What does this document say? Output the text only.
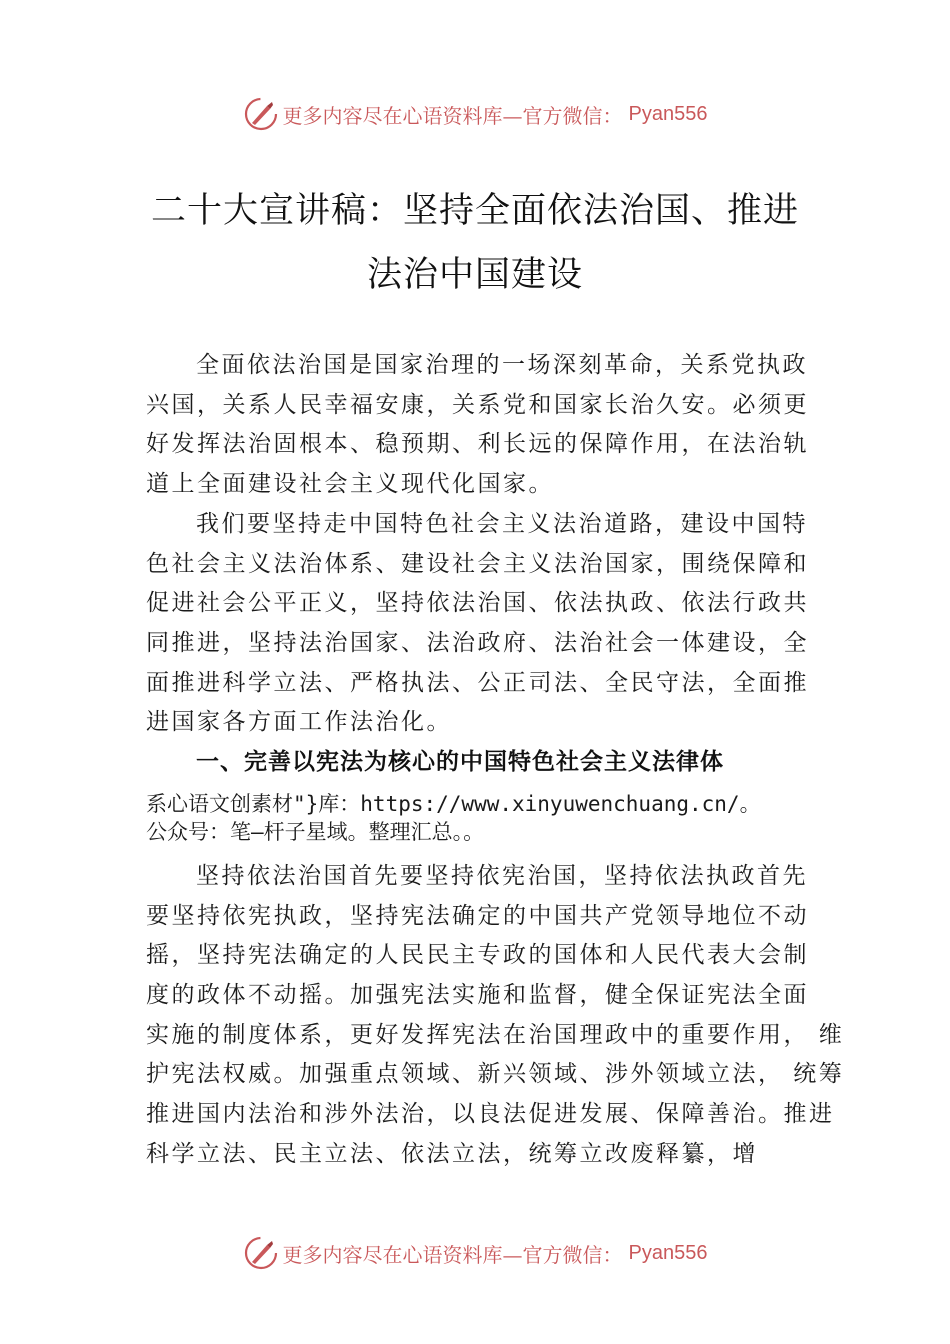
更多内容尽在心语资料库—官方微信： Pyan556
二十大宣讲稿：坚持全面依法治国、推进
法治中国建设
全面依法治国是国家治理的一场深刻革命，关系党执政
兴国，关系人民幸福安康，关系党和国家长治久安。必须更
好发挥法治固根本、稳预期、利长远的保障作用，在法治轨
道上全面建设社会主义现代化国家。
我们要坚持走中国特色社会主义法治道路，建设中国特
色社会主义法治体系、建设社会主义法治国家，围绕保障和
促进社会公平正义，坚持依法治国、依法执政、依法行政共
同推进，坚持法治国家、法治政府、法治社会一体建设，全
面推进科学立法、严格执法、公正司法、全民守法，全面推
进国家各方面工作法治化。
一、完善以宪法为核心的中国特色社会主义法律体
系心语文创素材"}库：https://www.xinyuwenchuang.cn/。
公众号：笔—杆子星域。整理汇总。。
坚持依法治国首先要坚持依宪治国，坚持依法执政首先
要坚持依宪执政，坚持宪法确定的中国共产党领导地位不动
摇，坚持宪法确定的人民民主专政的国体和人民代表大会制
度的政体不动摇。加强宪法实施和监督，健全保证宪法全面
实施的制度体系，更好发挥宪法在治国理政中的重要作用， 维
护宪法权威。加强重点领域、新兴领域、涉外领域立法， 统筹
推进国内法治和涉外法治，以良法促进发展、保障善治。推进
科学立法、民主立法、依法立法，统筹立改废释纂，增
更多内容尽在心语资料库—官方微信： Pyan556
